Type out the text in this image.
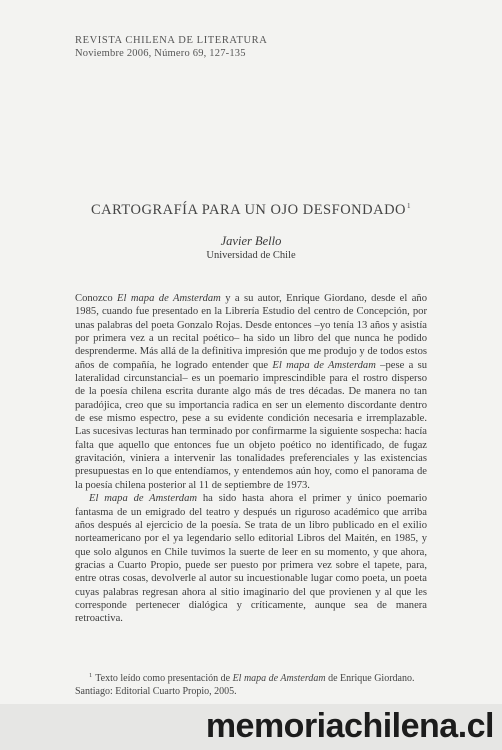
REVISTA CHILENA DE LITERATURA
Noviembre 2006, Número 69, 127-135
CARTOGRAFÍA PARA UN OJO DESFONDADO$^1$
Javier Bello
Universidad de Chile

Conozco El mapa de Amsterdam y a su autor, Enrique Giordano, desde el año 1985, cuando fue presentado en la Librería Estudio del centro de Concepción, por unas palabras del poeta Gonzalo Rojas. Desde entonces –yo tenía 13 años y asistía por primera vez a un recital poético– ha sido un libro del que nunca he podido desprenderme. Más allá de la definitiva impresión que me produjo y de todos estos años de compañía, he logrado entender que El mapa de Amsterdam –pese a su lateralidad circunstancial– es un poemario imprescindible para el rostro disperso de la poesía chilena escrita durante algo más de tres décadas. De manera no tan paradójica, creo que su importancia radica en ser un elemento discordante dentro de ese mismo espectro, pese a su evidente condición necesaria e irremplazable. Las sucesivas lecturas han terminado por confirmarme la siguiente sospecha: hacía falta que aquello que entonces fue un objeto poético no identificado, de fugaz gravitación, viniera a intervenir las tonalidades preferenciales y las existencias presupuestas en lo que entendíamos, y entendemos aún hoy, como el panorama de la poesía chilena posterior al 11 de septiembre de 1973.

El mapa de Amsterdam ha sido hasta ahora el primer y único poemario fantasma de un emigrado del teatro y después un riguroso académico que arriba años después al ejercicio de la poesía. Se trata de un libro publicado en el exilio norteamericano por el ya legendario sello editorial Libros del Maitén, en 1985, y que solo algunos en Chile tuvimos la suerte de leer en su momento, y que ahora, gracias a Cuarto Propio, puede ser puesto por primera vez sobre el tapete, para, entre otras cosas, devolverle al autor su incuestionable lugar como poeta, un poeta cuyas palabras regresan ahora al sitio imaginario del que provienen y al que les corresponde pertenecer dialógica y críticamente, aunque sea de manera retroactiva.

$^1$ Texto leído como presentación de El mapa de Amsterdam de Enrique Giordano.
Santiago: Editorial Cuarto Propio, 2005.
memoriachilena.cl
